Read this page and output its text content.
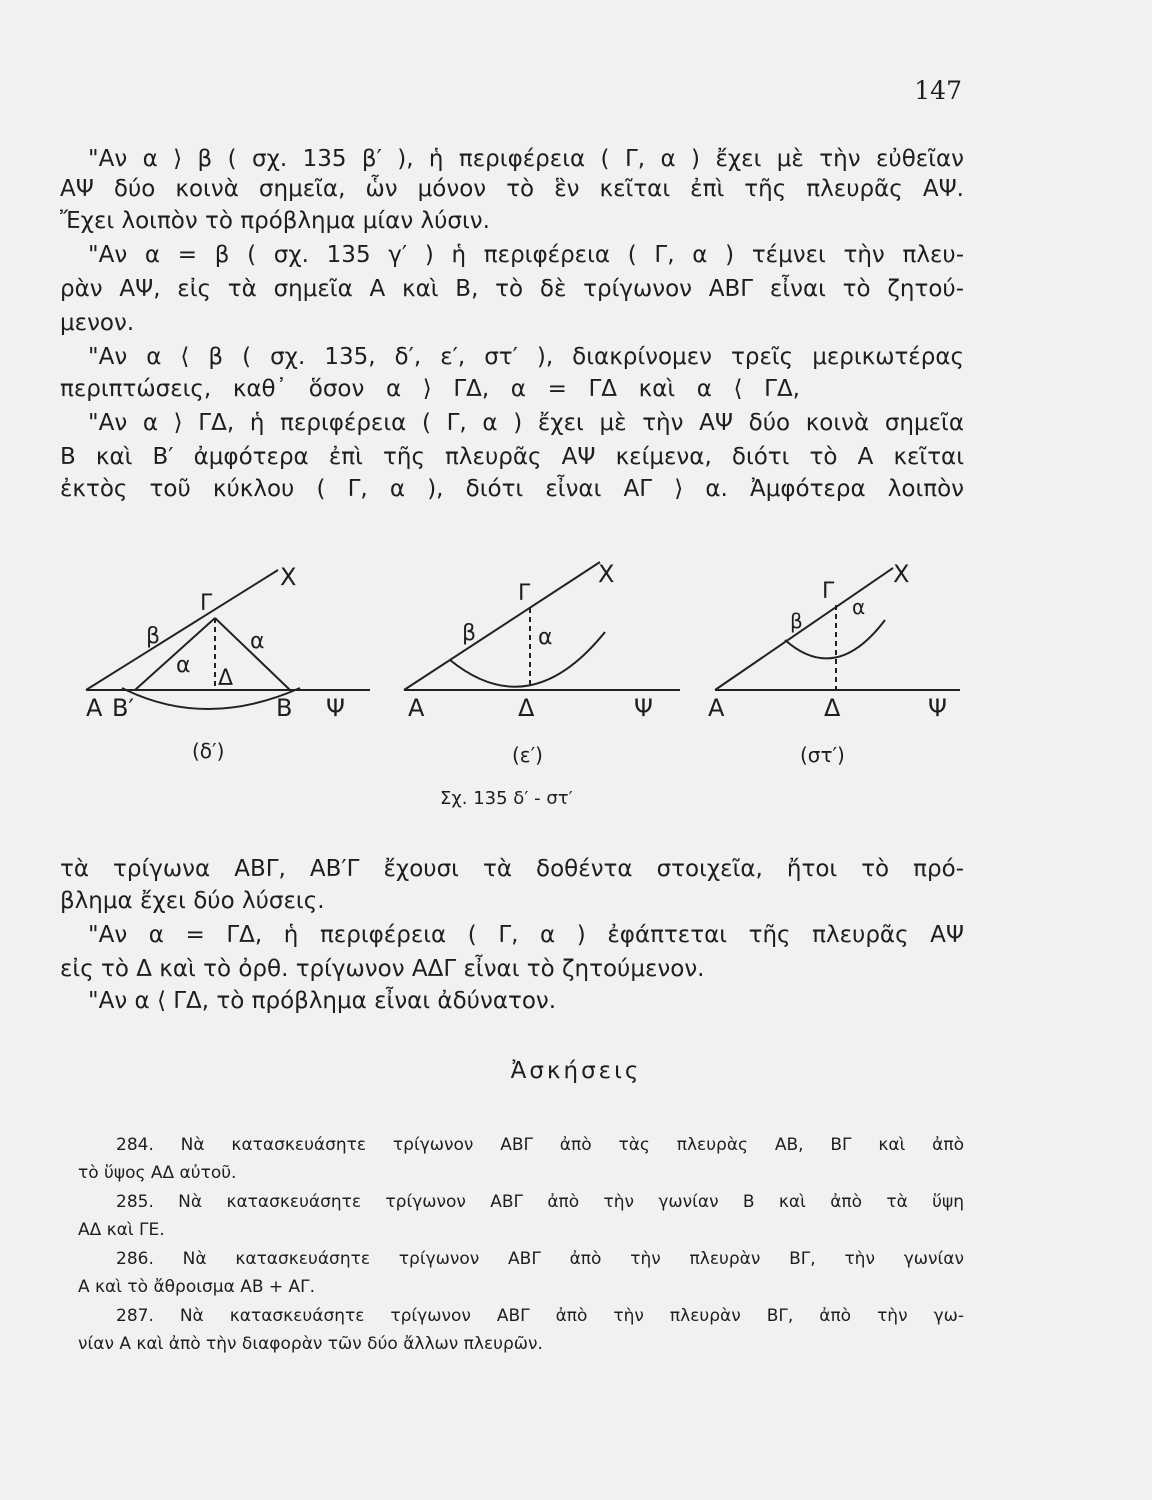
147
"Αν α ⟩ β ( σχ. 135 β′ ), ἡ περιφέρεια ( Γ, α ) ἔχει μὲ τὴν εὐθεῖαν
ΑΨ δύο κοινὰ σημεῖα, ὧν μόνον τὸ ἓν κεῖται ἐπὶ τῆς πλευρᾶς ΑΨ.
Ἔχει λοιπὸν τὸ πρόβλημα μίαν λύσιν.
"Αν α = β ( σχ. 135 γ′ ) ἡ περιφέρεια ( Γ, α ) τέμνει τὴν πλευ-
ρὰν ΑΨ, εἰς τὰ σημεῖα Α καὶ Β, τὸ δὲ τρίγωνον ΑΒΓ εἶναι τὸ ζητού-
μενον.
"Αν α ⟨ β ( σχ. 135, δ′, ε′, στ′ ), διακρίνομεν τρεῖς μερικωτέρας
περιπτώσεις, καθ᾽ ὅσον α ⟩ ΓΔ, α = ΓΔ καὶ α ⟨ ΓΔ,
"Αν α ⟩ ΓΔ, ἡ περιφέρεια ( Γ, α ) ἔχει μὲ τὴν ΑΨ δύο κοινὰ σημεῖα
Β καὶ Β′ ἀμφότερα ἐπὶ τῆς πλευρᾶς ΑΨ κείμενα, διότι τὸ Α κεῖται
ἐκτὸς τοῦ κύκλου ( Γ, α ), διότι εἶναι ΑΓ ⟩ α. Ἀμφότερα λοιπὸν
Χ
Γ
β	α
α
Δ
Α Β′	Β Ψ
Χ
Γ
β	α
Α	Δ	Ψ
Χ
Γ
β
α
Α	Δ	Ψ
(δ′)	(ε′)	(στ′)
Σχ. 135 δ′ - στ′
τὰ τρίγωνα ΑΒΓ, ΑΒ′Γ ἔχουσι τὰ δοθέντα στοιχεῖα, ἤτοι τὸ πρό-
βλημα ἔχει δύο λύσεις.
"Αν α = ΓΔ, ἡ περιφέρεια ( Γ, α ) ἐφάπτεται τῆς πλευρᾶς ΑΨ
εἰς τὸ Δ καὶ τὸ ὀρθ. τρίγωνον ΑΔΓ εἶναι τὸ ζητούμενον.
"Αν α ⟨ ΓΔ, τὸ πρόβλημα εἶναι ἀδύνατον.
Ἀσκήσεις
284. Νὰ κατασκευάσητε τρίγωνον ΑΒΓ ἀπὸ τὰς πλευρὰς ΑΒ, ΒΓ καὶ ἀπὸ
τὸ ὕψος ΑΔ αὐτοῦ.
285. Νὰ κατασκευάσητε τρίγωνον ΑΒΓ ἀπὸ τὴν γωνίαν Β καὶ ἀπὸ τὰ ὕψη
ΑΔ καὶ ΓΕ.
286. Νὰ κατασκευάσητε τρίγωνον ΑΒΓ ἀπὸ τὴν πλευρὰν ΒΓ, τὴν γωνίαν
Α καὶ τὸ ἄθροισμα ΑΒ + ΑΓ.
287. Νὰ κατασκευάσητε τρίγωνον ΑΒΓ ἀπὸ τὴν πλευρὰν ΒΓ, ἀπὸ τὴν γω-
νίαν Α καὶ ἀπὸ τὴν διαφορὰν τῶν δύο ἄλλων πλευρῶν.
